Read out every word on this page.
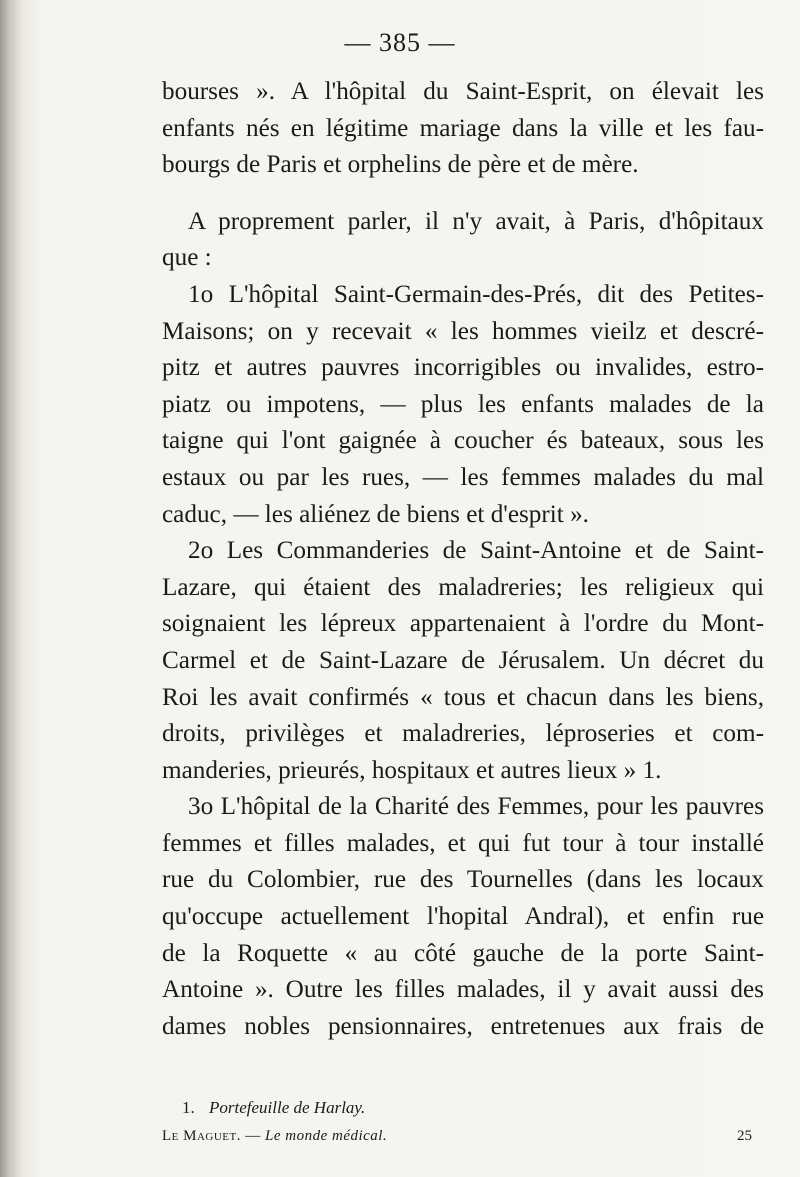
— 385 —
bourses ». A l'hôpital du Saint-Esprit, on élevait les
enfants nés en légitime mariage dans la ville et les fau-
bourgs de Paris et orphelins de père et de mère.
A proprement parler, il n'y avait, à Paris, d'hôpitaux
que :
1o L'hôpital Saint-Germain-des-Prés, dit des Petites-
Maisons; on y recevait « les hommes vieilz et descré-
pitz et autres pauvres incorrigibles ou invalides, estro-
piatz ou impotens, — plus les enfants malades de la
taigne qui l'ont gaignée à coucher és bateaux, sous les
estaux ou par les rues, — les femmes malades du mal
caduc, — les aliénez de biens et d'esprit ».
2o Les Commanderies de Saint-Antoine et de Saint-
Lazare, qui étaient des maladreries; les religieux qui
soignaient les lépreux appartenaient à l'ordre du Mont-
Carmel et de Saint-Lazare de Jérusalem. Un décret du
Roi les avait confirmés « tous et chacun dans les biens,
droits, privilèges et maladreries, léproseries et com-
manderies, prieurés, hospitaux et autres lieux » 1.
3o L'hôpital de la Charité des Femmes, pour les pauvres
femmes et filles malades, et qui fut tour à tour installé
rue du Colombier, rue des Tournelles (dans les locaux
qu'occupe actuellement l'hopital Andral), et enfin rue
de la Roquette « au côté gauche de la porte Saint-
Antoine ». Outre les filles malades, il y avait aussi des
dames nobles pensionnaires, entretenues aux frais de
1. Portefeuille de Harlay.
Le Maguet. — Le monde médical.	25
